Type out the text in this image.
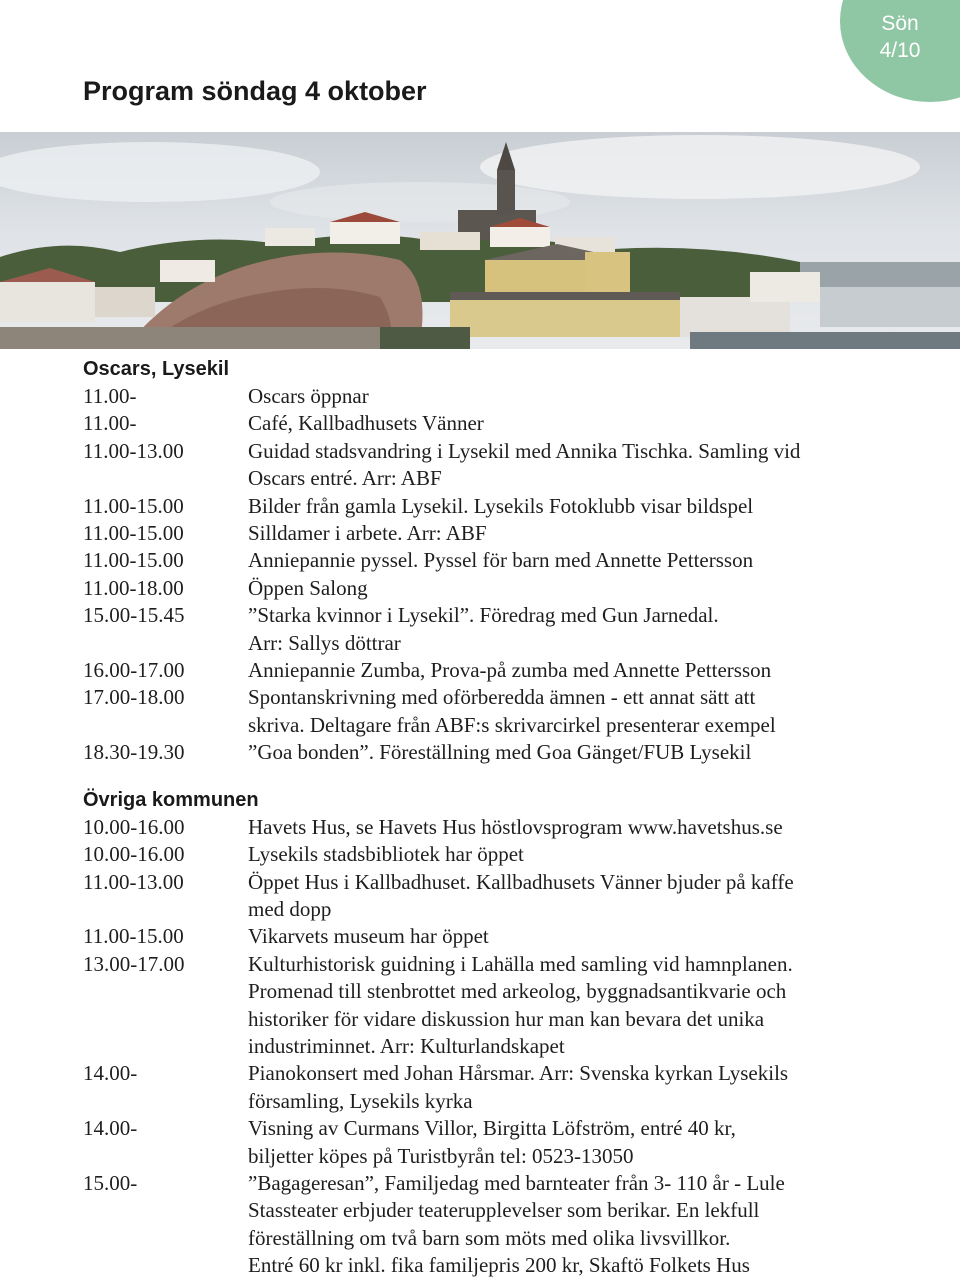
Sön
4/10
Program söndag 4 oktober
Oscars, Lysekil
11.00-	Oscars öppnar
11.00-	Café, Kallbadhusets Vänner
11.00-13.00	Guidad stadsvandring i Lysekil med Annika Tischka. Samling vid
Oscars entré. Arr: ABF
11.00-15.00	Bilder från gamla Lysekil. Lysekils Fotoklubb visar bildspel
11.00-15.00	Silldamer i arbete. Arr: ABF
11.00-15.00	Anniepannie pyssel. Pyssel för barn med Annette Pettersson
11.00-18.00	Öppen Salong
15.00-15.45	”Starka kvinnor i Lysekil”. Föredrag med Gun Jarnedal.
Arr: Sallys döttrar
16.00-17.00	Anniepannie Zumba, Prova-på zumba med Annette Pettersson
17.00-18.00	Spontanskrivning med oförberedda ämnen - ett annat sätt att
skriva. Deltagare från ABF:s skrivarcirkel presenterar exempel
18.30-19.30	”Goa bonden”. Föreställning med Goa Gänget/FUB Lysekil
Övriga kommunen
10.00-16.00	Havets Hus, se Havets Hus höstlovsprogram www.havetshus.se
10.00-16.00	Lysekils stadsbibliotek har öppet
11.00-13.00	Öppet Hus i Kallbadhuset. Kallbadhusets Vänner bjuder på kaffe
med dopp
11.00-15.00	Vikarvets museum har öppet
13.00-17.00	Kulturhistorisk guidning i Lahälla med samling vid hamnplanen.
Promenad till stenbrottet med arkeolog, byggnadsantikvarie och
historiker för vidare diskussion hur man kan bevara det unika
industriminnet. Arr: Kulturlandskapet
14.00-	Pianokonsert med Johan Hårsmar. Arr: Svenska kyrkan Lysekils
församling, Lysekils kyrka
14.00-	Visning av Curmans Villor, Birgitta Löfström, entré 40 kr,
biljetter köpes på Turistbyrån tel: 0523-13050
15.00-	”Bagageresan”, Familjedag med barnteater från 3- 110 år - Lule
Stassteater erbjuder teaterupplevelser som berikar. En lekfull
föreställning om två barn som möts med olika livsvillkor.
Entré 60 kr inkl. fika familjepris 200 kr, Skaftö Folkets Hus
